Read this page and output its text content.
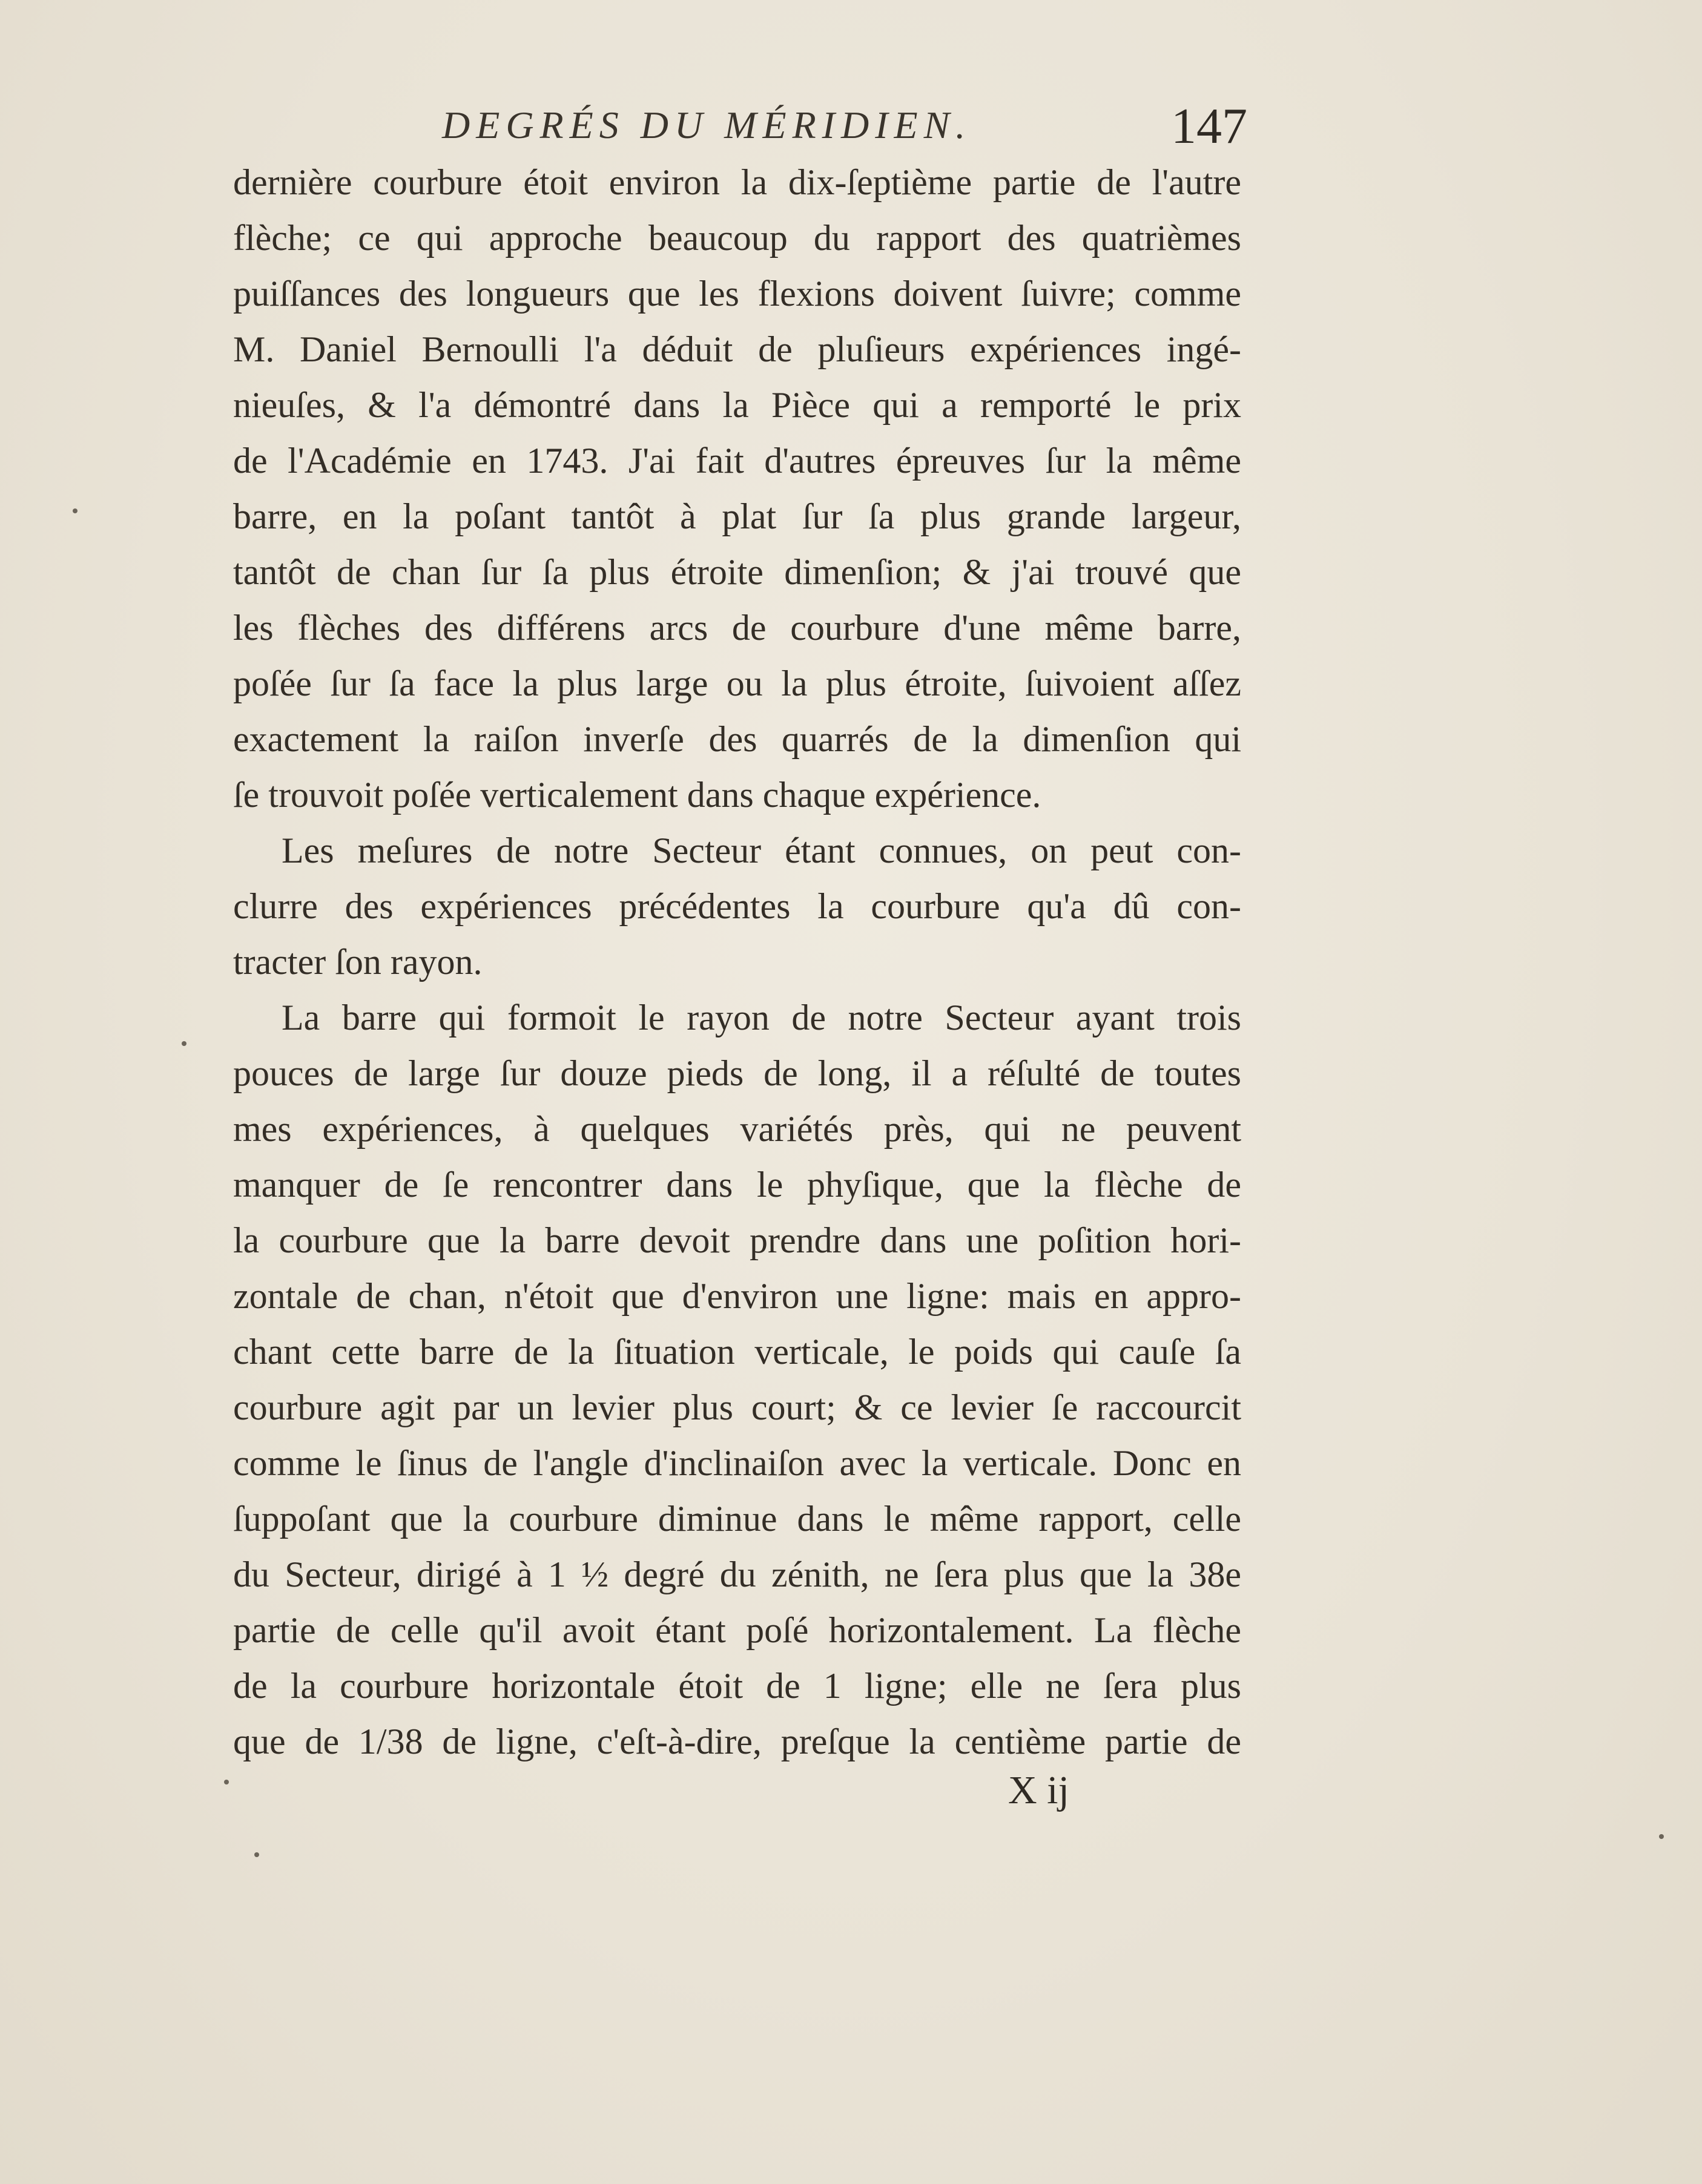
DEGRÉS DU MÉRIDIEN.	147
dernière courbure étoit environ la dix-ſeptième partie de l'autre
flèche; ce qui approche beaucoup du rapport des quatrièmes
puiſſances des longueurs que les flexions doivent ſuivre; comme
M. Daniel Bernoulli l'a déduit de pluſieurs expériences ingé-
nieuſes, & l'a démontré dans la Pièce qui a remporté le prix
de l'Académie en 1743. J'ai fait d'autres épreuves ſur la même
barre, en la poſant tantôt à plat ſur ſa plus grande largeur,
tantôt de chan ſur ſa plus étroite dimenſion; & j'ai trouvé que
les flèches des différens arcs de courbure d'une même barre,
poſée ſur ſa face la plus large ou la plus étroite, ſuivoient aſſez
exactement la raiſon inverſe des quarrés de la dimenſion qui
ſe trouvoit poſée verticalement dans chaque expérience.
Les meſures de notre Secteur étant connues, on peut con-
clurre des expériences précédentes la courbure qu'a dû con-
tracter ſon rayon.
La barre qui formoit le rayon de notre Secteur ayant trois
pouces de large ſur douze pieds de long, il a réſulté de toutes
mes expériences, à quelques variétés près, qui ne peuvent
manquer de ſe rencontrer dans le phyſique, que la flèche de
la courbure que la barre devoit prendre dans une poſition hori-
zontale de chan, n'étoit que d'environ une ligne: mais en appro-
chant cette barre de la ſituation verticale, le poids qui cauſe ſa
courbure agit par un levier plus court; & ce levier ſe raccourcit
comme le ſinus de l'angle d'inclinaiſon avec la verticale. Donc en
ſuppoſant que la courbure diminue dans le même rapport, celle
du Secteur, dirigé à 1 ½ degré du zénith, ne ſera plus que la 38e
partie de celle qu'il avoit étant poſé horizontalement. La flèche
de la courbure horizontale étoit de 1 ligne; elle ne ſera plus
que de 1/38 de ligne, c'eſt-à-dire, preſque la centième partie de
X ij
